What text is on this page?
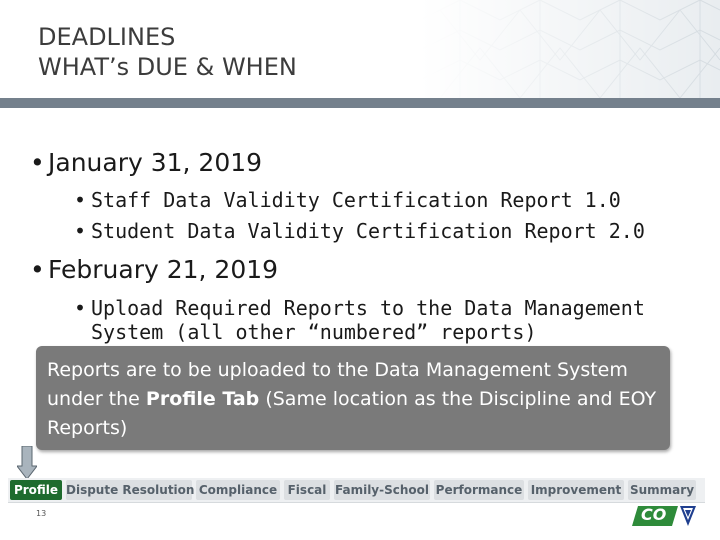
DEADLINES
WHAT’s DUE & WHEN
• January 31, 2019
• Staff Data Validity Certification Report 1.0
• Student Data Validity Certification Report 2.0
• February 21, 2019
• Upload Required Reports to the Data Management System (all other “numbered” reports)
Reports are to be uploaded to the Data Management System under the Profile Tab (Same location as the Discipline and EOY Reports)
Profile Dispute Resolution Compliance Fiscal Family-School Performance Improvement Summary
13	CO
